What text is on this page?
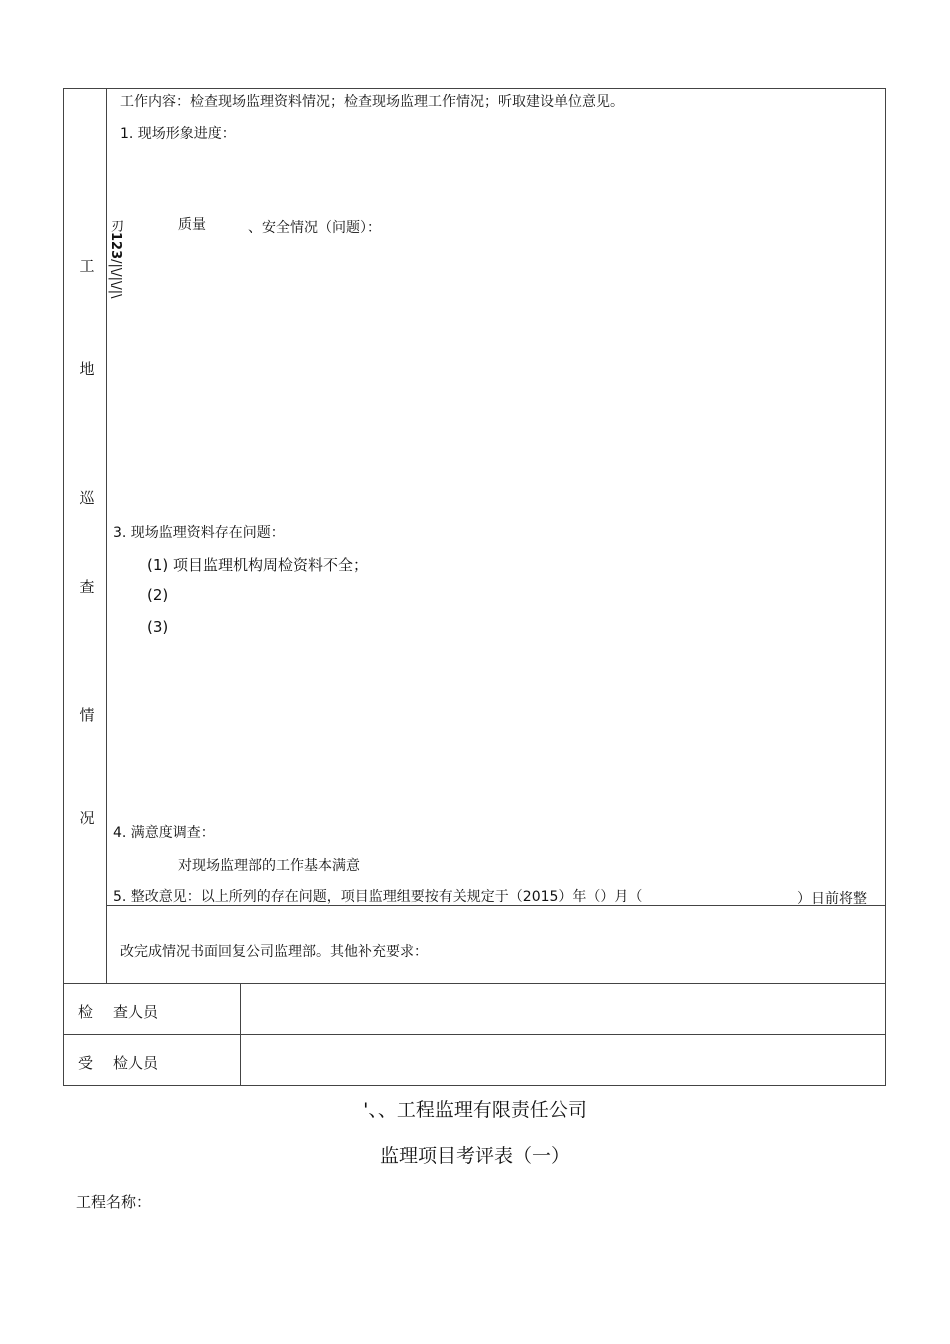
工
地
巡
查
情
况
工作内容：检查现场监理资料情况；检查现场监理工作情况；听取建设单位意见。
1. 现场形象进度：
刃123/|\/|\/|\
质量	、安全情况（问题）：
3. 现场监理资料存在问题：
(1) 项目监理机构周检资料不全；
(2)
(3)
4. 满意度调查：
对现场监理部的工作基本满意
5. 整改意见：以上所列的存在问题，项目监理组要按有关规定于（2015）年（）月（	）日前将整
改完成情况书面回复公司监理部。其他补充要求：
检 查人员
受 检人员
'、、工程监理有限责任公司
监理项目考评表（一）
工程名称：
